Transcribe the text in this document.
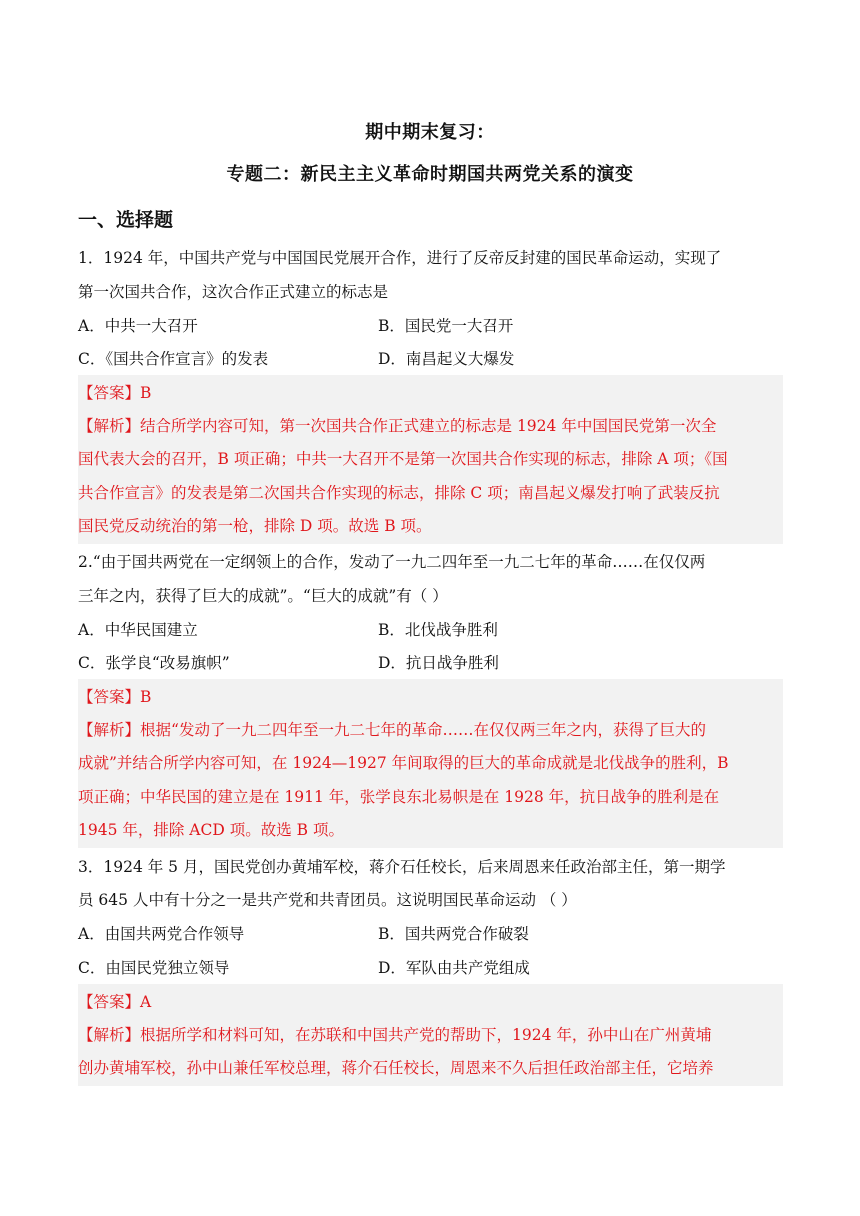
期中期末复习：
专题二：新民主主义革命时期国共两党关系的演变
一、选择题
1．1924 年，中国共产党与中国国民党展开合作，进行了反帝反封建的国民革命运动，实现了
第一次国共合作，这次合作正式建立的标志是
A．中共一大召开	B．国民党一大召开
C．《国共合作宣言》的发表	D．南昌起义大爆发
【答案】B
【解析】结合所学内容可知，第一次国共合作正式建立的标志是 1924 年中国国民党第一次全
国代表大会的召开，B 项正确；中共一大召开不是第一次国共合作实现的标志，排除 A 项；《国
共合作宣言》的发表是第二次国共合作实现的标志，排除 C 项；南昌起义爆发打响了武装反抗
国民党反动统治的第一枪，排除 D 项。故选 B 项。
2.“由于国共两党在一定纲领上的合作，发动了一九二四年至一九二七年的革命……在仅仅两
三年之内，获得了巨大的成就”。“巨大的成就”有（ ）
A．中华民国建立	B．北伐战争胜利
C．张学良“改易旗帜”	D．抗日战争胜利
【答案】B
【解析】根据“发动了一九二四年至一九二七年的革命……在仅仅两三年之内，获得了巨大的
成就”并结合所学内容可知，在 1924—1927 年间取得的巨大的革命成就是北伐战争的胜利，B
项正确；中华民国的建立是在 1911 年，张学良东北易帜是在 1928 年，抗日战争的胜利是在
1945 年，排除 ACD 项。故选 B 项。
3．1924 年 5 月，国民党创办黄埔军校，蒋介石任校长，后来周恩来任政治部主任，第一期学
员 645 人中有十分之一是共产党和共青团员。这说明国民革命运动 （ ）
A．由国共两党合作领导	B．国共两党合作破裂
C．由国民党独立领导	D．军队由共产党组成
【答案】A
【解析】根据所学和材料可知，在苏联和中国共产党的帮助下，1924 年，孙中山在广州黄埔
创办黄埔军校，孙中山兼任军校总理，蒋介石任校长，周恩来不久后担任政治部主任，它培养
